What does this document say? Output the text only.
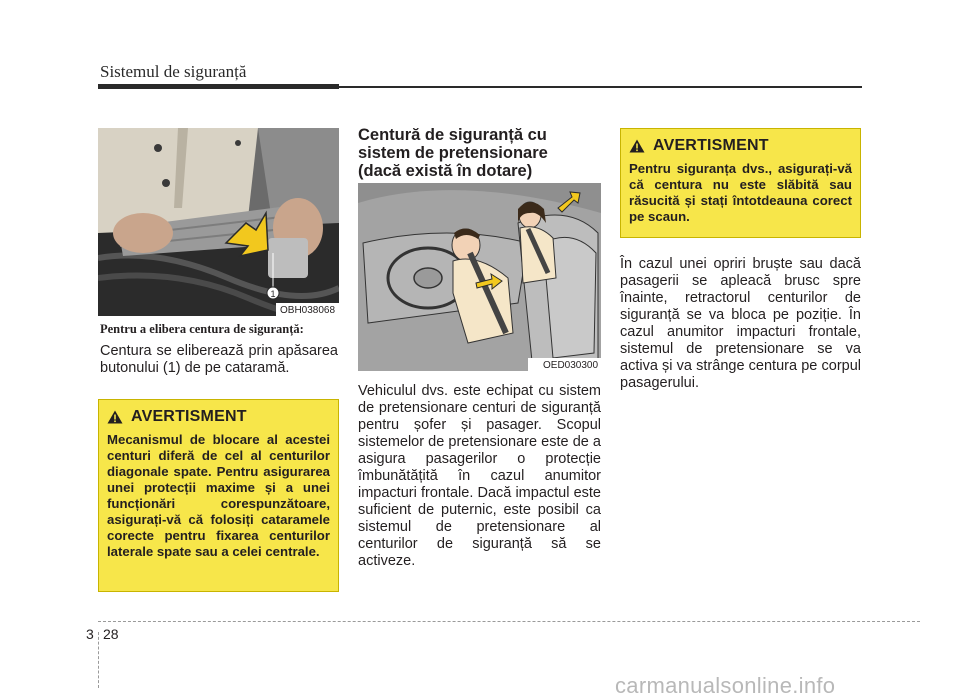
Sistemul de siguranță
1
OBH038068
Pentru a elibera centura de siguranță:
Centura se eliberează prin apăsarea butonului (1) de pe cataramă.
AVERTISMENT
Mecanismul de blocare al acestei centuri diferă de cel al centurilor diagonale spate. Pentru asigurarea unei protecții maxime și a unei funcționări corespunzătoare, asigurați-vă că folosiți cataramele corecte pentru fixarea centurilor laterale spate sau a celei centrale.
Centură de siguranță cu sistem de pretensionare (dacă există în dotare)
OED030300
Vehiculul dvs. este echipat cu sistem de pretensionare centuri de siguranță pentru șofer și pasager. Scopul sistemelor de pretensionare este de a asigura pasagerilor o protecție îmbunătățită în cazul anumitor impacturi frontale. Dacă impactul este suficient de puternic, este posibil ca sistemul de pretensionare al centurilor de siguranță să se activeze.
AVERTISMENT
Pentru siguranța dvs., asigurați-vă că centura nu este slăbită sau răsucită și stați întotdeauna corect pe scaun.
În cazul unei opriri bruște sau dacă pasagerii se apleacă brusc spre înainte, retractorul centurilor de siguranță se va bloca pe poziție. În cazul anumitor impacturi frontale, sistemul de pretensionare se va activa și va strânge centura pe corpul pasagerului.
3 28
carmanualsonline.info
